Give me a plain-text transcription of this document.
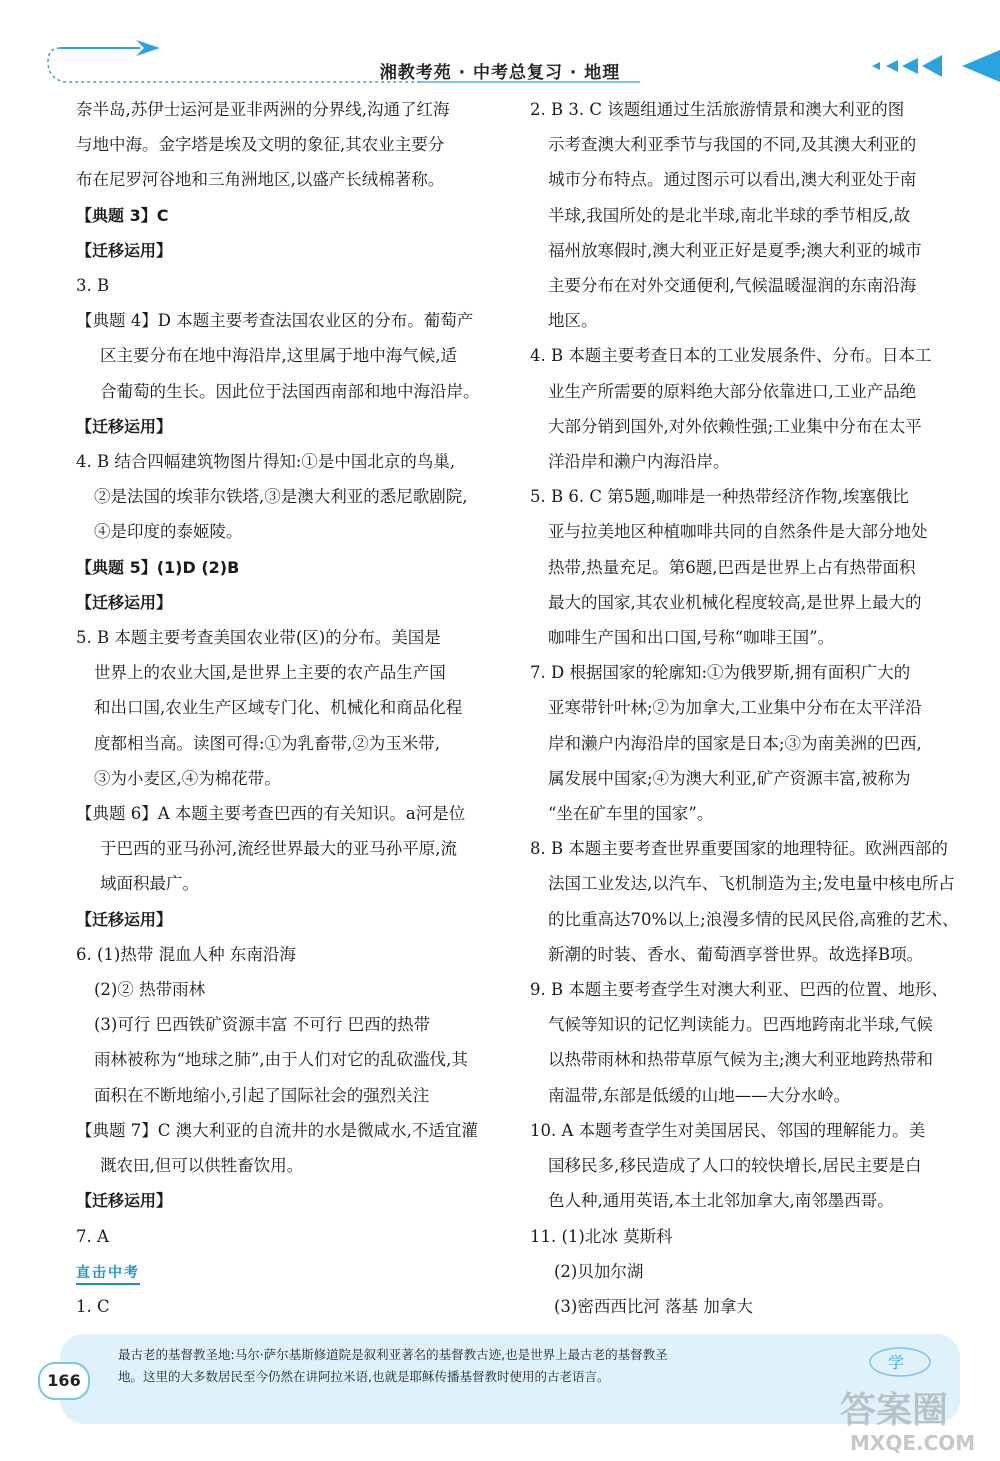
湘教考苑 · 中考总复习 · 地理

奈半岛,苏伊士运河是亚非两洲的分界线,沟通了红海

与地中海。金字塔是埃及文明的象征,其农业主要分

布在尼罗河谷地和三角洲地区,以盛产长绒棉著称。

【典题 3】C

【迁移运用】

3. B

【典题 4】D 本题主要考查法国农业区的分布。葡萄产

区主要分布在地中海沿岸,这里属于地中海气候,适

合葡萄的生长。因此位于法国西南部和地中海沿岸。

【迁移运用】

4. B 结合四幅建筑物图片得知:①是中国北京的鸟巢,

②是法国的埃菲尔铁塔,③是澳大利亚的悉尼歌剧院,

④是印度的泰姬陵。

【典题 5】(1)D (2)B

【迁移运用】

5. B 本题主要考查美国农业带(区)的分布。美国是

世界上的农业大国,是世界上主要的农产品生产国

和出口国,农业生产区域专门化、机械化和商品化程

度都相当高。读图可得:①为乳畜带,②为玉米带,

③为小麦区,④为棉花带。

【典题 6】A 本题主要考查巴西的有关知识。a河是位

于巴西的亚马孙河,流经世界最大的亚马孙平原,流

域面积最广。

【迁移运用】

6. (1)热带 混血人种 东南沿海

(2)② 热带雨林

(3)可行 巴西铁矿资源丰富 不可行 巴西的热带

雨林被称为“地球之肺”,由于人们对它的乱砍滥伐,其

面积在不断地缩小,引起了国际社会的强烈关注

【典题 7】C 澳大利亚的自流井的水是微咸水,不适宜灌

溉农田,但可以供牲畜饮用。

【迁移运用】

7. A

直击中考

1. C

2. B 3. C 该题组通过生活旅游情景和澳大利亚的图

示考查澳大利亚季节与我国的不同,及其澳大利亚的

城市分布特点。通过图示可以看出,澳大利亚处于南

半球,我国所处的是北半球,南北半球的季节相反,故

福州放寒假时,澳大利亚正好是夏季;澳大利亚的城市

主要分布在对外交通便利,气候温暖湿润的东南沿海

地区。

4. B 本题主要考查日本的工业发展条件、分布。日本工

业生产所需要的原料绝大部分依靠进口,工业产品绝

大部分销到国外,对外依赖性强;工业集中分布在太平

洋沿岸和濑户内海沿岸。

5. B 6. C 第5题,咖啡是一种热带经济作物,埃塞俄比

亚与拉美地区种植咖啡共同的自然条件是大部分地处

热带,热量充足。第6题,巴西是世界上占有热带面积

最大的国家,其农业机械化程度较高,是世界上最大的

咖啡生产国和出口国,号称“咖啡王国”。

7. D 根据国家的轮廓知:①为俄罗斯,拥有面积广大的

亚寒带针叶林;②为加拿大,工业集中分布在太平洋沿

岸和濑户内海沿岸的国家是日本;③为南美洲的巴西,

属发展中国家;④为澳大利亚,矿产资源丰富,被称为

“坐在矿车里的国家”。

8. B 本题主要考查世界重要国家的地理特征。欧洲西部的

法国工业发达,以汽车、飞机制造为主;发电量中核电所占

的比重高达70%以上;浪漫多情的民风民俗,高雅的艺术、

新潮的时装、香水、葡萄酒享誉世界。故选择B项。

9. B 本题主要考查学生对澳大利亚、巴西的位置、地形、

气候等知识的记忆判读能力。巴西地跨南北半球,气候

以热带雨林和热带草原气候为主;澳大利亚地跨热带和

南温带,东部是低缓的山地——大分水岭。

10. A 本题考查学生对美国居民、邻国的理解能力。美

国移民多,移民造成了人口的较快增长,居民主要是白

色人种,通用英语,本土北邻加拿大,南邻墨西哥。

11. (1)北冰 莫斯科

(2)贝加尔湖

(3)密西西比河 落基 加拿大

最古老的基督教圣地:马尔·萨尔基斯修道院是叙利亚著名的基督教古迹,也是世界上最古老的基督教圣

地。这里的大多数居民至今仍然在讲阿拉米语,也就是耶稣传播基督教时使用的古老语言。

166
学
答案圈
MXQE.COM
